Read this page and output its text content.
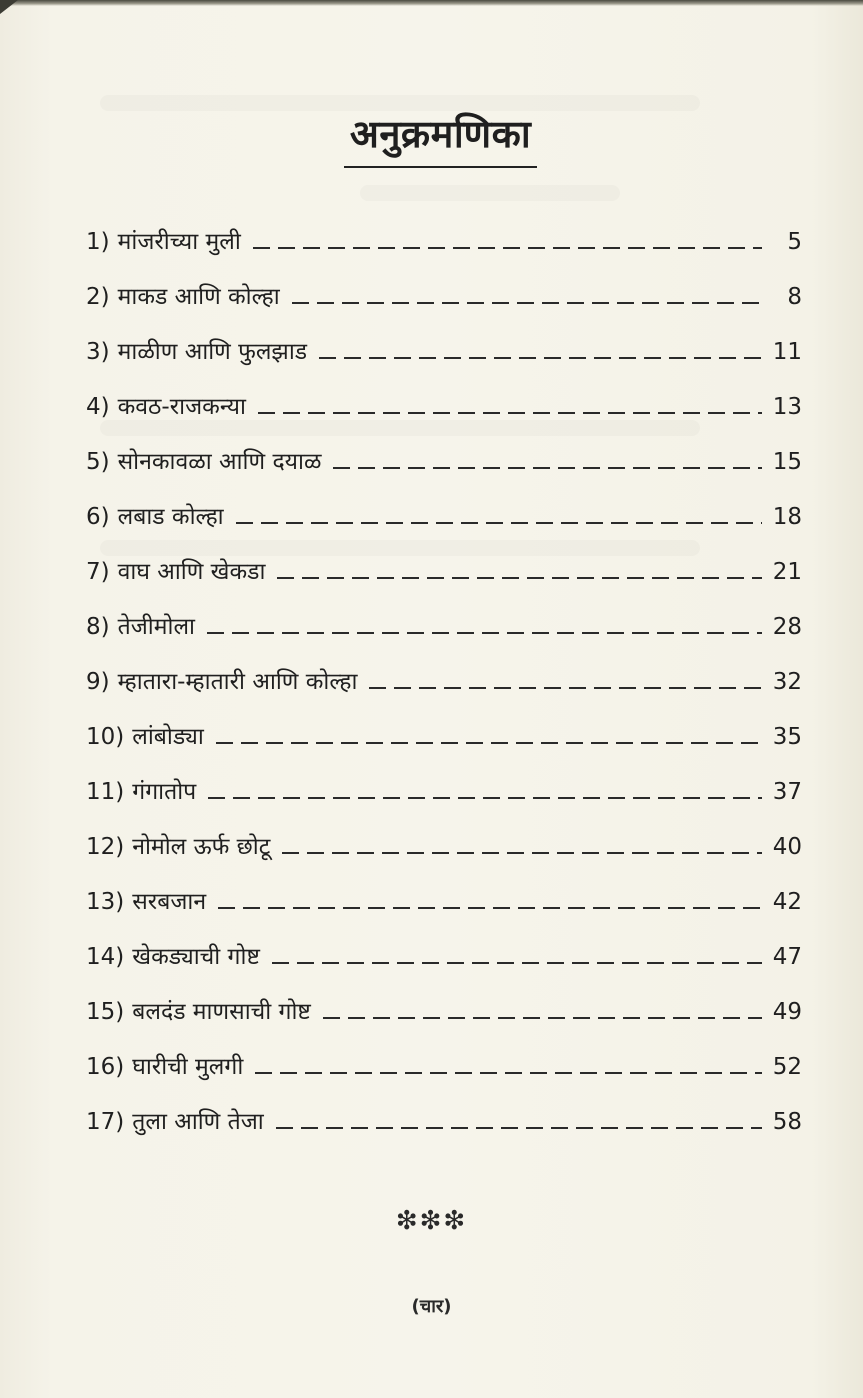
अनुक्रमणिका
1) मांजरीच्या मुली	5
2) माकड आणि कोल्हा	8
3) माळीण आणि फुलझाड	11
4) कवठ-राजकन्या	13
5) सोनकावळा आणि दयाळ	15
6) लबाड कोल्हा	18
7) वाघ आणि खेकडा	21
8) तेजीमोला	28
9) म्हातारा-म्हातारी आणि कोल्हा	32
10) लांबोड्या	35
11) गंगातोप	37
12) नोमोल ऊर्फ छोटू	40
13) सरबजान	42
14) खेकड्याची गोष्ट	47
15) बलदंड माणसाची गोष्ट	49
16) घारीची मुलगी	52
17) तुला आणि तेजा	58
❇❇❇
(चार)
